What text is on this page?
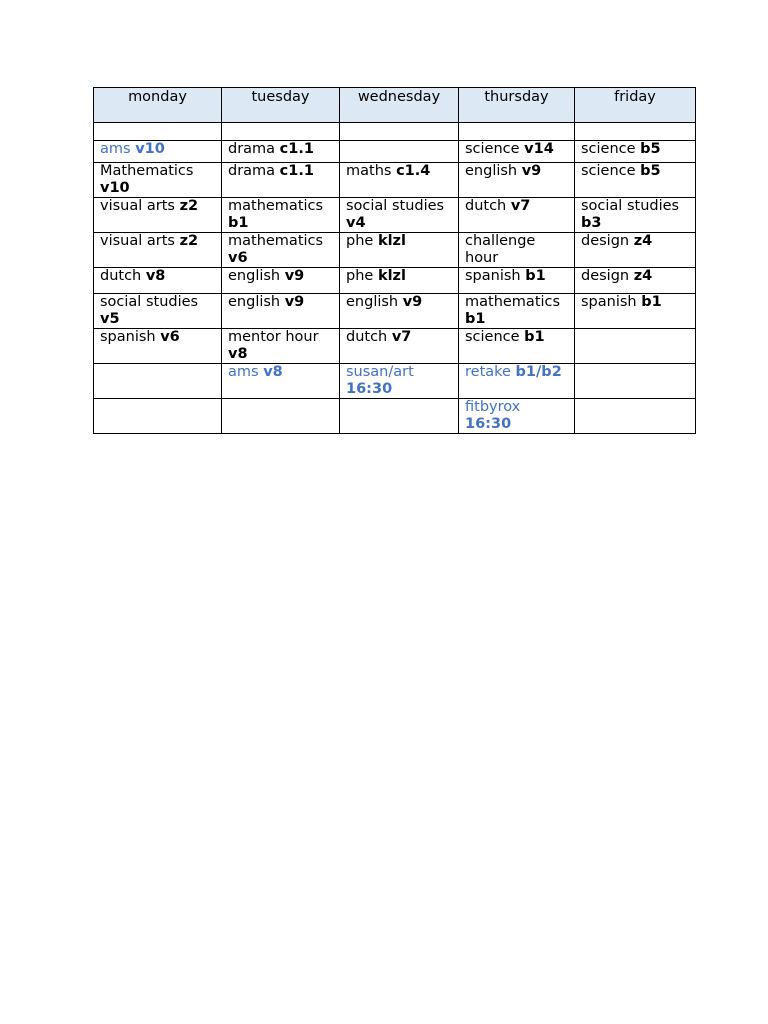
monday	tuesday	wednesday	thursday	friday

ams v10	drama c1.1		science v14	science b5
Mathematics v10	drama c1.1	maths c1.4	english v9	science b5
visual arts z2	mathematics b1	social studies v4	dutch v7	social studies b3
visual arts z2	mathematics v6	phe klzl	challenge hour	design z4
dutch v8	english v9	phe klzl	spanish b1	design z4
social studies v5	english v9	english v9	mathematics b1	spanish b1
spanish v6	mentor hour v8	dutch v7	science b1	
	ams v8	susan/art 16:30	retake b1/b2	
			fitbyrox 16:30	
